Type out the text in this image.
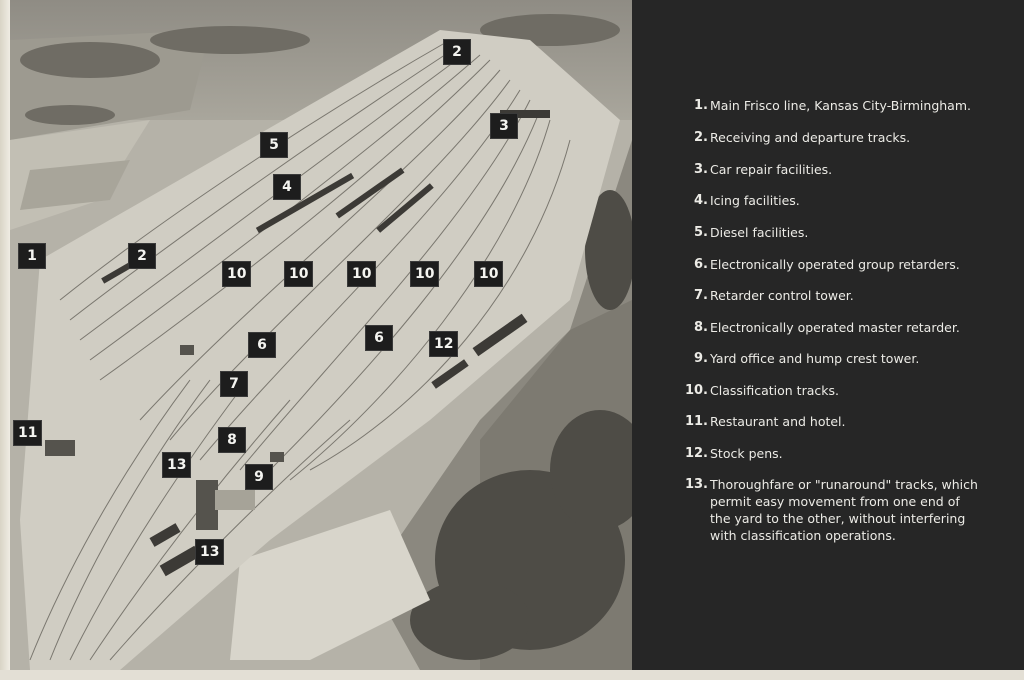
1
2
2
3
4
5
10	10	10	10	10
6	6	12
7
11	8
13
9
13
1. Main Frisco line, Kansas City-Birmingham.
2. Receiving and departure tracks.
3. Car repair facilities.
4. Icing facilities.
5. Diesel facilities.
6. Electronically operated group retarders.
7. Retarder control tower.
8. Electronically operated master retarder.
9. Yard office and hump crest tower.
10. Classification tracks.
11. Restaurant and hotel.
12. Stock pens.
13. Thoroughfare or "runaround" tracks, which permit easy movement from one end of the yard to the other, without interfering with classification operations.
